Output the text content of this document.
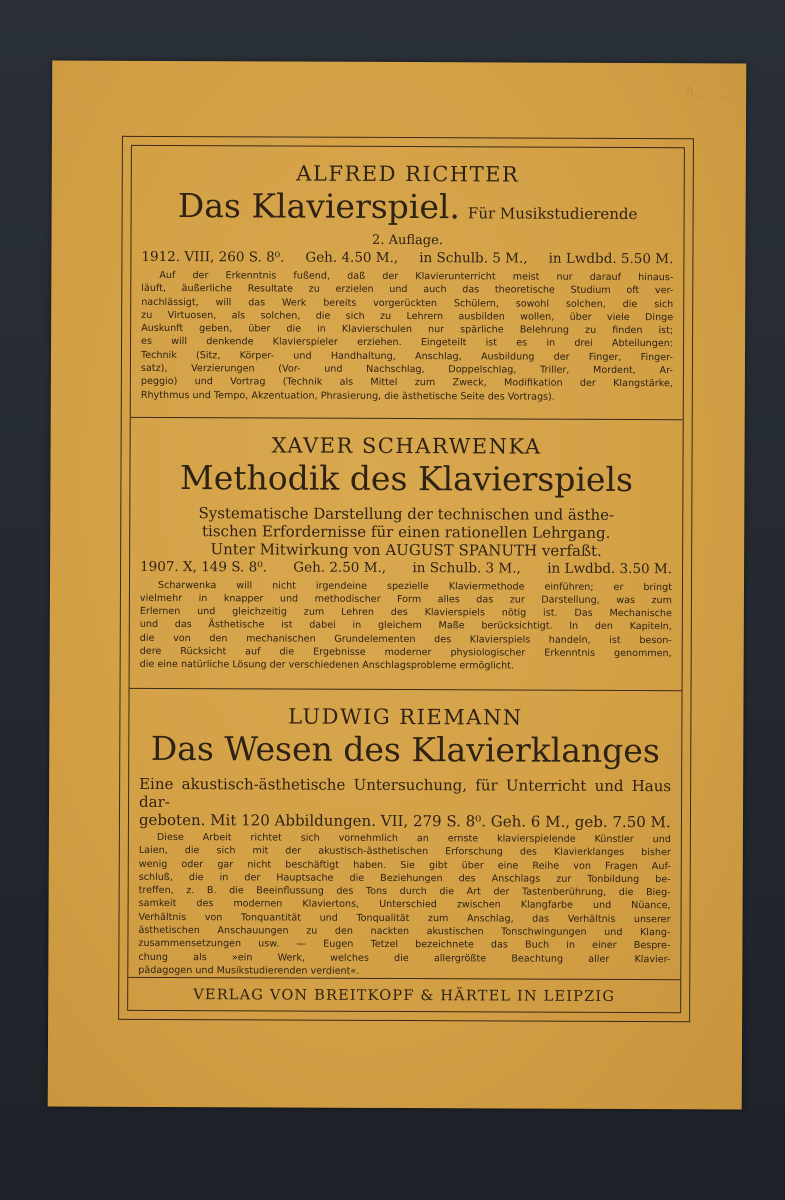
h... ...
ALFRED RICHTER
Das Klavierspiel. Für Musikstudierende
2. Auflage.
1912. VIII, 260 S. 8⁰. Geh. 4.50 M., in Schulb. 5 M., in Lwdbd. 5.50 M.
Auf der Erkenntnis fußend, daß der Klavierunterricht meist nur darauf hinaus-
läuft, äußerliche Resultate zu erzielen und auch das theoretische Studium oft ver-
nachlässigt, will das Werk bereits vorgerückten Schülern, sowohl solchen, die sich
zu Virtuosen, als solchen, die sich zu Lehrern ausbilden wollen, über viele Dinge
Auskunft geben, über die in Klavierschulen nur spärliche Belehrung zu finden ist;
es will denkende Klavierspieler erziehen. Eingeteilt ist es in drei Abteilungen:
Technik (Sitz, Körper- und Handhaltung, Anschlag, Ausbildung der Finger, Finger-
satz), Verzierungen (Vor- und Nachschlag, Doppelschlag, Triller, Mordent, Ar-
peggio) und Vortrag (Technik als Mittel zum Zweck, Modifikation der Klangstärke,
Rhythmus und Tempo, Akzentuation, Phrasierung, die ästhetische Seite des Vortrags).
XAVER SCHARWENKA
Methodik des Klavierspiels
Systematische Darstellung der technischen und ästhe-
tischen Erfordernisse für einen rationellen Lehrgang.
Unter Mitwirkung von AUGUST SPANUTH verfaßt.
1907. X, 149 S. 8⁰. Geh. 2.50 M., in Schulb. 3 M., in Lwdbd. 3.50 M.
Scharwenka will nicht irgendeine spezielle Klaviermethode einführen; er bringt
vielmehr in knapper und methodischer Form alles das zur Darstellung, was zum
Erlernen und gleichzeitig zum Lehren des Klavierspiels nötig ist. Das Mechanische
und das Ästhetische ist dabei in gleichem Maße berücksichtigt. In den Kapiteln,
die von den mechanischen Grundelementen des Klavierspiels handeln, ist beson-
dere Rücksicht auf die Ergebnisse moderner physiologischer Erkenntnis genommen,
die eine natürliche Lösung der verschiedenen Anschlagsprobleme ermöglicht.
LUDWIG RIEMANN
Das Wesen des Klavierklanges
Eine akustisch-ästhetische Untersuchung, für Unterricht und Haus dar-
geboten. Mit 120 Abbildungen. VII, 279 S. 8⁰. Geh. 6 M., geb. 7.50 M.
Diese Arbeit richtet sich vornehmlich an ernste klavierspielende Künstler und
Laien, die sich mit der akustisch-ästhetischen Erforschung des Klavierklanges bisher
wenig oder gar nicht beschäftigt haben. Sie gibt über eine Reihe von Fragen Auf-
schluß, die in der Hauptsache die Beziehungen des Anschlags zur Tonbildung be-
treffen, z. B. die Beeinflussung des Tons durch die Art der Tastenberührung, die Bieg-
samkeit des modernen Klaviertons, Unterschied zwischen Klangfarbe und Nüance,
Verhältnis von Tonquantität und Tonqualität zum Anschlag, das Verhältnis unserer
ästhetischen Anschauungen zu den nackten akustischen Tonschwingungen und Klang-
zusammensetzungen usw. — Eugen Tetzel bezeichnete das Buch in einer Bespre-
chung als »ein Werk, welches die allergrößte Beachtung aller Klavier-
pädagogen und Musikstudierenden verdient«.
VERLAG VON BREITKOPF & HÄRTEL IN LEIPZIG
